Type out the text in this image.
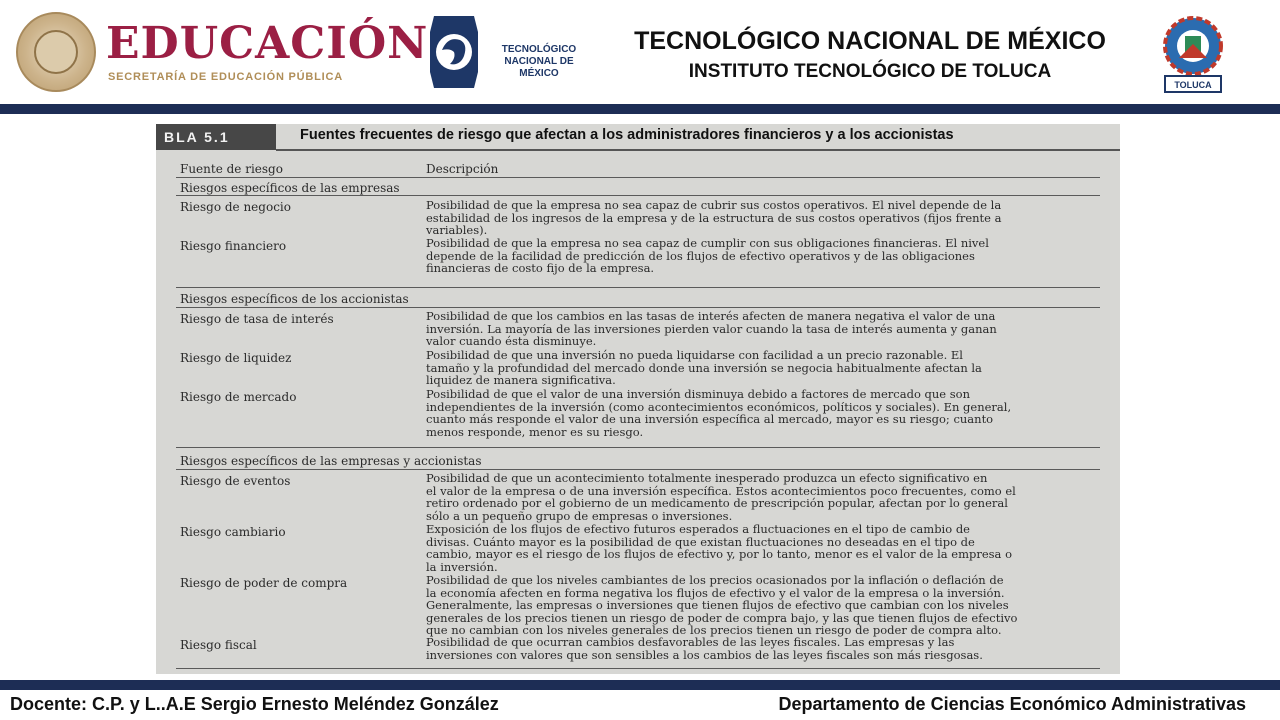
EDUCACIÓN
SECRETARÍA DE EDUCACIÓN PÚBLICA
TECNOLÓGICO
NACIONAL DE MÉXICO
TECNOLÓGICO NACIONAL DE MÉXICO
INSTITUTO TECNOLÓGICO DE TOLUCA
TOLUCA
BLA 5.1	Fuentes frecuentes de riesgo que afectan a los administradores financieros y a los accionistas
Fuente de riesgo	Descripción
Riesgos específicos de las empresas
Riesgo de negocio	Posibilidad de que la empresa no sea capaz de cubrir sus costos operativos. El nivel depende de la
estabilidad de los ingresos de la empresa y de la estructura de sus costos operativos (fijos frente a
variables).
Riesgo financiero	Posibilidad de que la empresa no sea capaz de cumplir con sus obligaciones financieras. El nivel
depende de la facilidad de predicción de los flujos de efectivo operativos y de las obligaciones
financieras de costo fijo de la empresa.
Riesgos específicos de los accionistas
Riesgo de tasa de interés	Posibilidad de que los cambios en las tasas de interés afecten de manera negativa el valor de una
inversión. La mayoría de las inversiones pierden valor cuando la tasa de interés aumenta y ganan
valor cuando ésta disminuye.
Riesgo de liquidez	Posibilidad de que una inversión no pueda liquidarse con facilidad a un precio razonable. El
tamaño y la profundidad del mercado donde una inversión se negocia habitualmente afectan la
liquidez de manera significativa.
Riesgo de mercado	Posibilidad de que el valor de una inversión disminuya debido a factores de mercado que son
independientes de la inversión (como acontecimientos económicos, políticos y sociales). En general,
cuanto más responde el valor de una inversión específica al mercado, mayor es su riesgo; cuanto
menos responde, menor es su riesgo.
Riesgos específicos de las empresas y accionistas
Riesgo de eventos	Posibilidad de que un acontecimiento totalmente inesperado produzca un efecto significativo en
el valor de la empresa o de una inversión específica. Estos acontecimientos poco frecuentes, como el
retiro ordenado por el gobierno de un medicamento de prescripción popular, afectan por lo general
sólo a un pequeño grupo de empresas o inversiones.
Riesgo cambiario	Exposición de los flujos de efectivo futuros esperados a fluctuaciones en el tipo de cambio de
divisas. Cuánto mayor es la posibilidad de que existan fluctuaciones no deseadas en el tipo de
cambio, mayor es el riesgo de los flujos de efectivo y, por lo tanto, menor es el valor de la empresa o
la inversión.
Riesgo de poder de compra	Posibilidad de que los niveles cambiantes de los precios ocasionados por la inflación o deflación de
la economía afecten en forma negativa los flujos de efectivo y el valor de la empresa o la inversión.
Generalmente, las empresas o inversiones que tienen flujos de efectivo que cambian con los niveles
generales de los precios tienen un riesgo de poder de compra bajo, y las que tienen flujos de efectivo
que no cambian con los niveles generales de los precios tienen un riesgo de poder de compra alto.
Riesgo fiscal	Posibilidad de que ocurran cambios desfavorables de las leyes fiscales. Las empresas y las
inversiones con valores que son sensibles a los cambios de las leyes fiscales son más riesgosas.
Docente: C.P. y L..A.E Sergio Ernesto Meléndez González	Departamento de Ciencias Económico Administrativas
